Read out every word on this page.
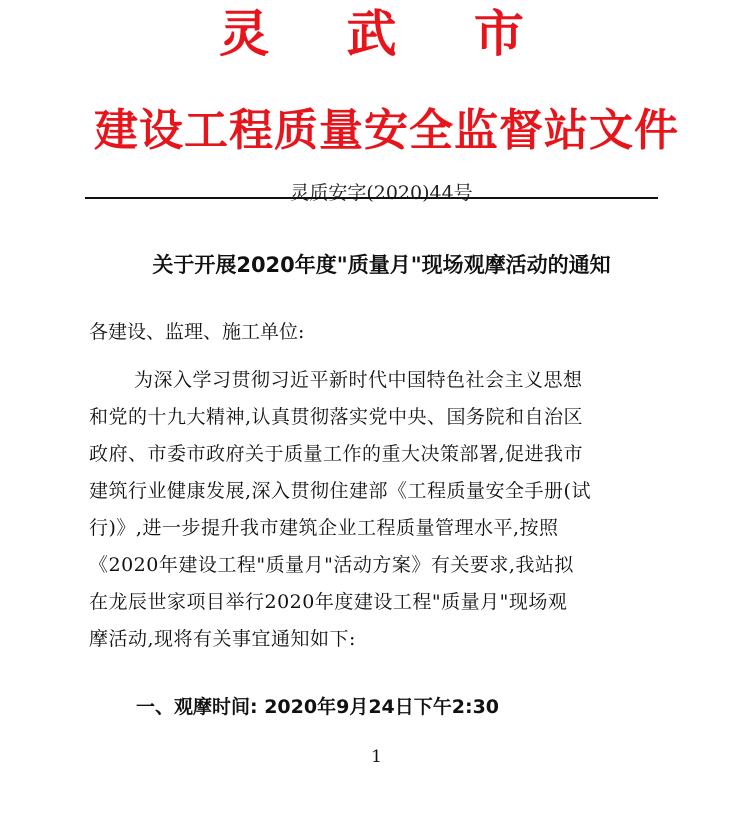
灵 武 市
建设工程质量安全监督站文件
灵质安字(2020)44号
关于开展2020年度"质量月"现场观摩活动的通知
各建设、监理、施工单位:
为深入学习贯彻习近平新时代中国特色社会主义思想
和党的十九大精神,认真贯彻落实党中央、国务院和自治区
政府、市委市政府关于质量工作的重大决策部署,促进我市
建筑行业健康发展,深入贯彻住建部《工程质量安全手册(试
行)》,进一步提升我市建筑企业工程质量管理水平,按照
《2020年建设工程"质量月"活动方案》有关要求,我站拟
在龙辰世家项目举行2020年度建设工程"质量月"现场观
摩活动,现将有关事宜通知如下:
一、观摩时间: 2020年9月24日下午2:30
1
